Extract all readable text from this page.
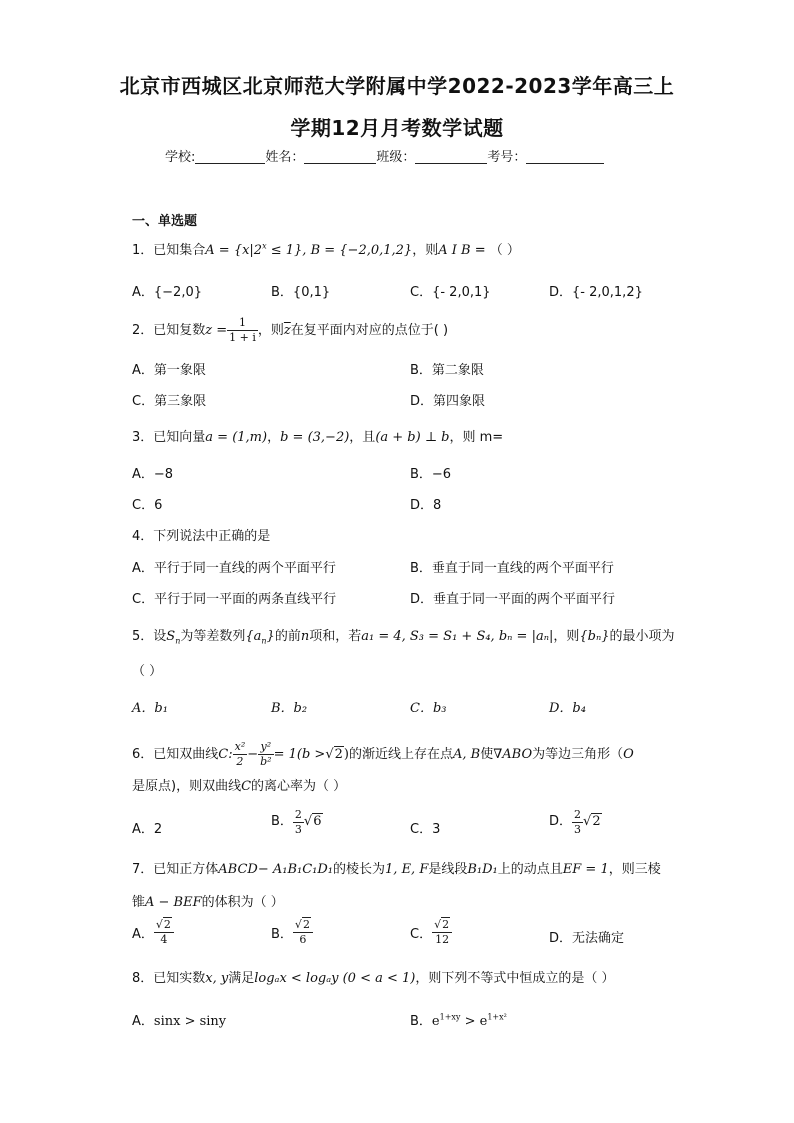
北京市西城区北京师范大学附属中学2022-2023学年高三上
学期12月月考数学试题
学校:	姓名：	班级：	考号：
一、单选题
1．已知集合$A = \{x|2^x \le 1\}$, B = {−2,0,1,2}，则A I B = （ ）
A．{−2,0}	B．{0,1}	C．{- 2,0,1}	D．{- 2,0,1,2}
2．已知复数$z = \frac{1}{1 + i}$ ，则$\overline{z}$在复平面内对应的点位于( )
A．第一象限	B．第二象限
C．第三象限	D．第四象限
3．已知向量a = (1,m)，b = (3,−2)，且(a + b) ⊥ b，则 m=
A．−8	B．−6
C．6	D．8
4．下列说法中正确的是
A．平行于同一直线的两个平面平行	B．垂直于同一直线的两个平面平行
C．平行于同一平面的两条直线平行	D．垂直于同一平面的两个平面平行
5．设$S_n$为等差数列$\{a_n\}$的前n项和，若a₁ = 4, S₃ = S₁ + S₄, bₙ = |aₙ|，则{bₙ}的最小项为
（ ）
A．b₁	B．b₂	C．b₃	D．b₄
6．已知双曲线C: $\frac{\text{x²}}{2} - \frac{\text{y²}}{\text{b²}} = 1(b >√2)$的渐近线上存在点A, B使∇ABO为等边三角形（O
是原点)，则双曲线C的离心率为（ ）
A．2
B． $\frac{2}{3} √6$
C．3
D． $\frac{2}{3} √2$
7．已知正方体ABCD− A₁B₁C₁D₁的棱长为1, E, F是线段B₁D₁上的动点且EF = 1，则三棱
锥A − BEF的体积为（ ）
A． $\frac{√2}{4}$	B． $\frac{√2}{6}$	C． $\frac{√2}{12}$	D．无法确定
8．已知实数x, y满足logₐx < logₐy (0 < a < 1)，则下列不等式中恒成立的是（ ）
A．sinx > siny	B．$e^{1+xy} > e^{1+x^2}$
